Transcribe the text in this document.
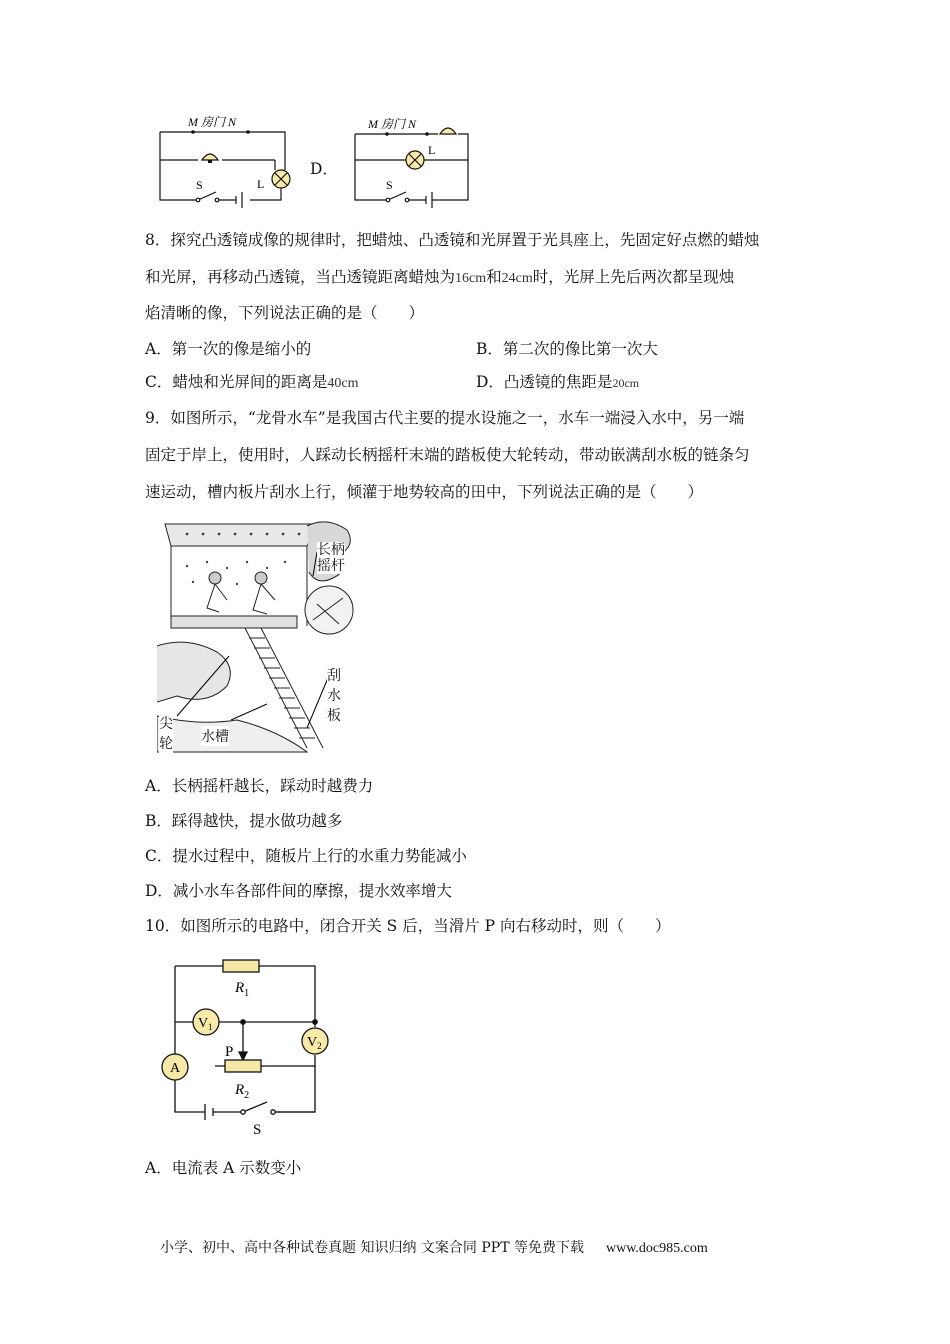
M 房门 N
L
S
D．
M 房门 N
L
S
8．探究凸透镜成像的规律时，把蜡烛、凸透镜和光屏置于光具座上，先固定好点燃的蜡烛
和光屏，再移动凸透镜，当凸透镜距离蜡烛为16cm和24cm时，光屏上先后两次都呈现烛
焰清晰的像，下列说法正确的是（　　）
A．第一次的像是缩小的	B．第二次的像比第一次大
C．蜡烛和光屏间的距离是40cm	D．凸透镜的焦距是20cm
9．如图所示，“龙骨水车”是我国古代主要的提水设施之一，水车一端浸入水中，另一端
固定于岸上，使用时，人踩动长柄摇杆末端的踏板使大轮转动，带动嵌满刮水板的链条匀
速运动，槽内板片刮水上行，倾灌于地势较高的田中，下列说法正确的是（　　）
长柄
摇杆
刮
水
板
尖
轮 水槽
A．长柄摇杆越长，踩动时越费力
B．踩得越快，提水做功越多
C．提水过程中，随板片上行的水重力势能减小
D．减小水车各部件间的摩擦，提水效率增大
10．如图所示的电路中，闭合开关 S 后，当滑片 P 向右移动时，则（　　）
$R_1$
$R_2$
$V_1$
$V_2$
A
P
S
A．电流表 A 示数变小
小学、初中、高中各种试卷真题 知识归纳 文案合同 PPT 等免费下载 www.doc985.com
